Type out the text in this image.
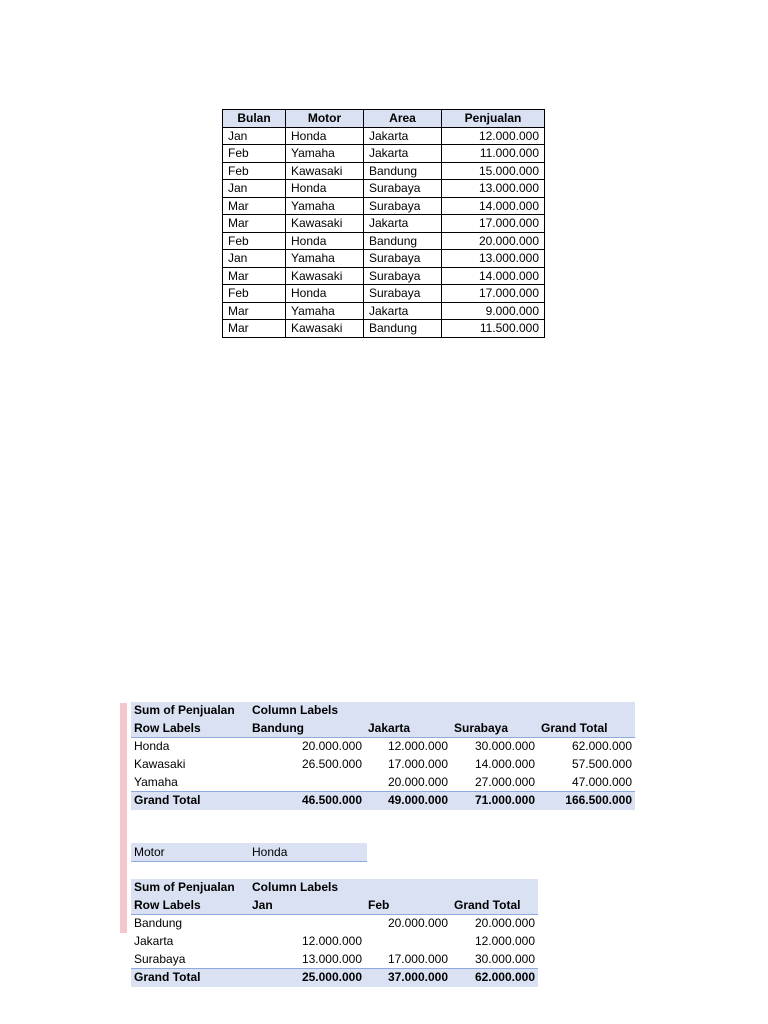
Bulan	Motor	Area	Penjualan
Jan	Honda	Jakarta	12.000.000
Feb	Yamaha	Jakarta	11.000.000
Feb	Kawasaki	Bandung	15.000.000
Jan	Honda	Surabaya	13.000.000
Mar	Yamaha	Surabaya	14.000.000
Mar	Kawasaki	Jakarta	17.000.000
Feb	Honda	Bandung	20.000.000
Jan	Yamaha	Surabaya	13.000.000
Mar	Kawasaki	Surabaya	14.000.000
Feb	Honda	Surabaya	17.000.000
Mar	Yamaha	Jakarta	9.000.000
Mar	Kawasaki	Bandung	11.500.000
Sum of Penjualan	Column Labels			
Row Labels	Bandung	Jakarta	Surabaya	Grand Total
Honda	20.000.000	12.000.000	30.000.000	62.000.000
Kawasaki	26.500.000	17.000.000	14.000.000	57.500.000
Yamaha		20.000.000	27.000.000	47.000.000
Grand Total	46.500.000	49.000.000	71.000.000	166.500.000
Motor	Honda
Sum of Penjualan	Column Labels		
Row Labels	Jan	Feb	Grand Total
Bandung		20.000.000	20.000.000
Jakarta	12.000.000		12.000.000
Surabaya	13.000.000	17.000.000	30.000.000
Grand Total	25.000.000	37.000.000	62.000.000
